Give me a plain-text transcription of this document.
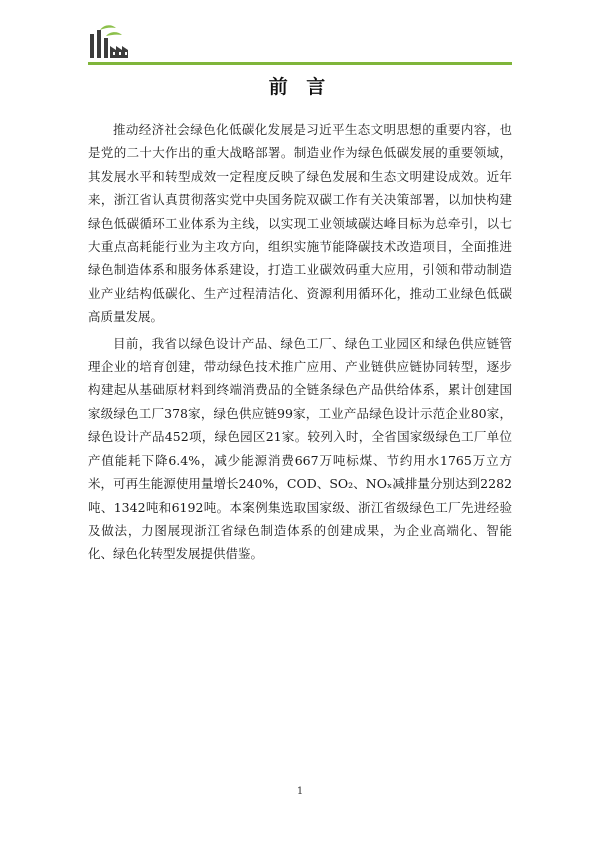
前 言

推动经济社会绿色化低碳化发展是习近平生态文明思想的重要内容，也是党的二十大作出的重大战略部署。制造业作为绿色低碳发展的重要领域，其发展水平和转型成效一定程度反映了绿色发展和生态文明建设成效。近年来，浙江省认真贯彻落实党中央国务院双碳工作有关决策部署，以加快构建绿色低碳循环工业体系为主线，以实现工业领域碳达峰目标为总牵引，以七大重点高耗能行业为主攻方向，组织实施节能降碳技术改造项目，全面推进绿色制造体系和服务体系建设，打造工业碳效码重大应用，引领和带动制造业产业结构低碳化、生产过程清洁化、资源利用循环化，推动工业绿色低碳高质量发展。

目前，我省以绿色设计产品、绿色工厂、绿色工业园区和绿色供应链管理企业的培育创建，带动绿色技术推广应用、产业链供应链协同转型，逐步构建起从基础原材料到终端消费品的全链条绿色产品供给体系，累计创建国家级绿色工厂378家，绿色供应链99家，工业产品绿色设计示范企业80家，绿色设计产品452项，绿色园区21家。较列入时，全省国家级绿色工厂单位产值能耗下降6.4%，减少能源消费667万吨标煤、节约用水1765万立方米，可再生能源使用量增长240%，COD、SO₂、NOₓ减排量分别达到2282吨、1342吨和6192吨。本案例集选取国家级、浙江省级绿色工厂先进经验及做法，力图展现浙江省绿色制造体系的创建成果，为企业高端化、智能化、绿色化转型发展提供借鉴。

1
